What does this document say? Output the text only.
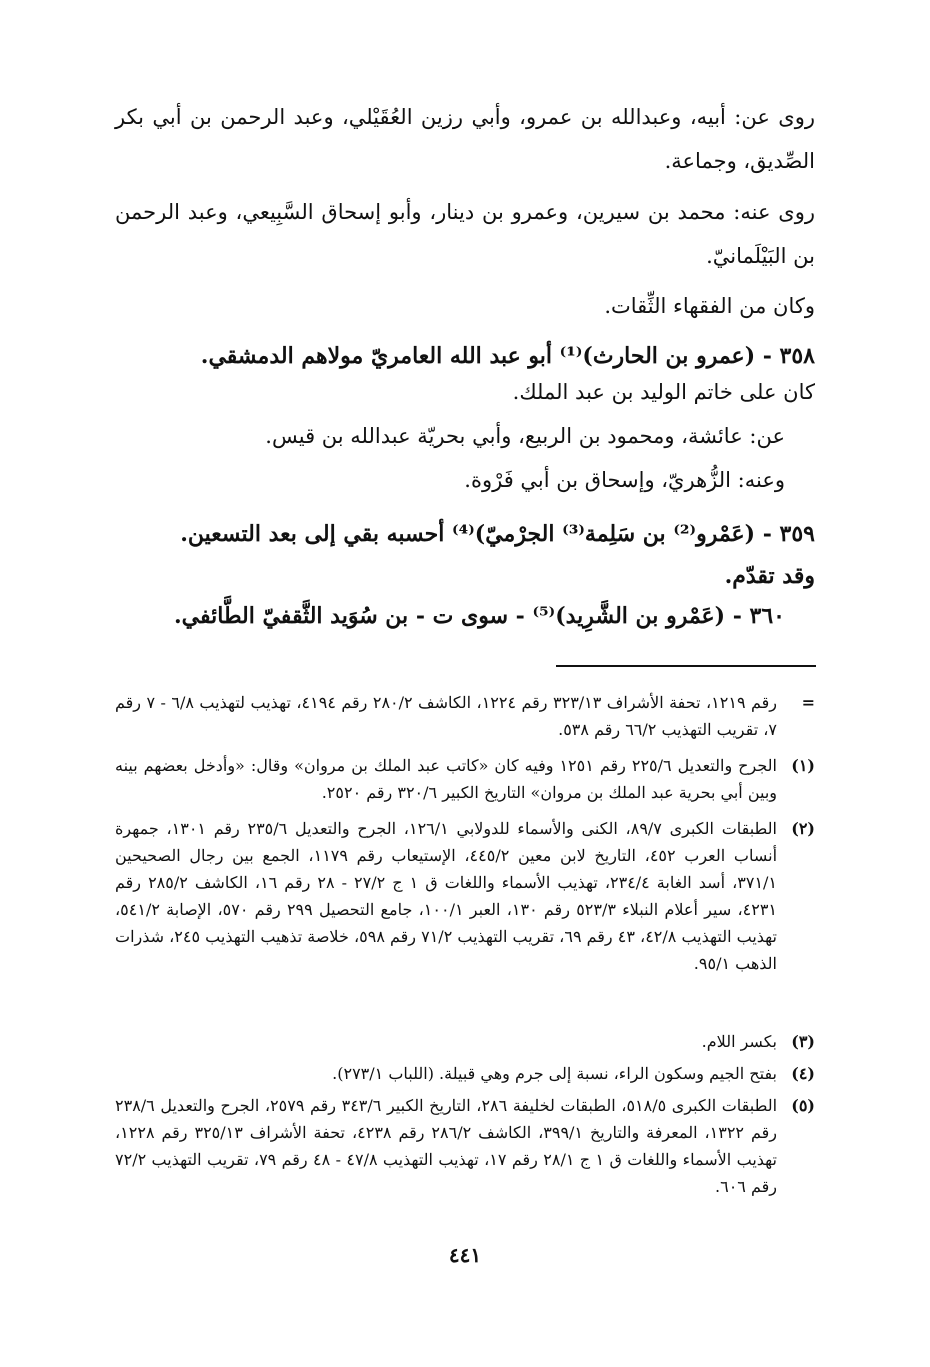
روى عن: أبيه، وعبدالله بن عمرو، وأبي رزين العُقَيْلي، وعبد الرحمن بن أبي بكر الصِّديق، وجماعة.
روى عنه: محمد بن سيرين، وعمرو بن دينار، وأبو إسحاق السَّبِيعي، وعبد الرحمن بن البَيْلَمانيّ.
وكان من الفقهاء الثِّقات.
٣٥٨ - (عمرو بن الحارث)⁽¹⁾ أبو عبد الله العامريّ مولاهم الدمشقي.
كان على خاتم الوليد بن عبد الملك.
عن: عائشة، ومحمود بن الربيع، وأبي بحريّة عبدالله بن قيس.
وعنه: الزُّهريّ، وإسحاق بن أبي فَرْوة.
٣٥٩ - (عَمْرو⁽²⁾ بن سَلِمة⁽³⁾ الجرْميّ)⁽⁴⁾ أحسبه بقي إلى بعد التسعين.
وقد تقدّم.
٣٦٠ - (عَمْرو بن الشَّرِيد)⁽⁵⁾ - سوى ت - بن سُوَيد الثَّقفيّ الطَّائفي.
=
رقم ١٢١٩، تحفة الأشراف ٣٢٣/١٣ رقم ١٢٢٤، الكاشف ٢٨٠/٢ رقم ٤١٩٤، تهذيب لتهذيب ٦/٨ - ٧ رقم ٧، تقريب التهذيب ٦٦/٢ رقم ٥٣٨.
(١)
الجرح والتعديل ٢٢٥/٦ رقم ١٢٥١ وفيه كان «كاتب عبد الملك بن مروان» وقال: «وأدخل بعضهم بينه وبين أبي بحرية عبد الملك بن مروان» التاريخ الكبير ٣٢٠/٦ رقم ٢٥٢٠.
(٢)
الطبقات الكبرى ٨٩/٧، الكنى والأسماء للدولابي ١٢٦/١، الجرح والتعديل ٢٣٥/٦ رقم ١٣٠١، جمهرة أنساب العرب ٤٥٢، التاريخ لابن معين ٤٤٥/٢، الإستيعاب رقم ١١٧٩، الجمع بين رجال الصحيحين ٣٧١/١، أسد الغابة ٢٣٤/٤، تهذيب الأسماء واللغات ق ١ ج ٢٧/٢ - ٢٨ رقم ١٦، الكاشف ٢٨٥/٢ رقم ٤٢٣١، سير أعلام النبلاء ٥٢٣/٣ رقم ١٣٠، العبر ١٠٠/١، جامع التحصيل ٢٩٩ رقم ٥٧٠، الإصابة ٥٤١/٢، تهذيب التهذيب ٤٢/٨، ٤٣ رقم ٦٩، تقريب التهذيب ٧١/٢ رقم ٥٩٨، خلاصة تذهيب التهذيب ٢٤٥، شذرات الذهب ٩٥/١.
(٣)
بكسر اللام.
(٤)
بفتح الجيم وسكون الراء، نسبة إلى جرم وهي قبيلة. (اللباب ٢٧٣/١).
(٥)
الطبقات الكبرى ٥١٨/٥، الطبقات لخليفة ٢٨٦، التاريخ الكبير ٣٤٣/٦ رقم ٢٥٧٩، الجرح والتعديل ٢٣٨/٦ رقم ١٣٢٢، المعرفة والتاريخ ٣٩٩/١، الكاشف ٢٨٦/٢ رقم ٤٢٣٨، تحفة الأشراف ٣٢٥/١٣ رقم ١٢٢٨، تهذيب الأسماء واللغات ق ١ ج ٢٨/١ رقم ١٧، تهذيب التهذيب ٤٧/٨ - ٤٨ رقم ٧٩، تقريب التهذيب ٧٢/٢ رقم ٦٠٦.
٤٤١
